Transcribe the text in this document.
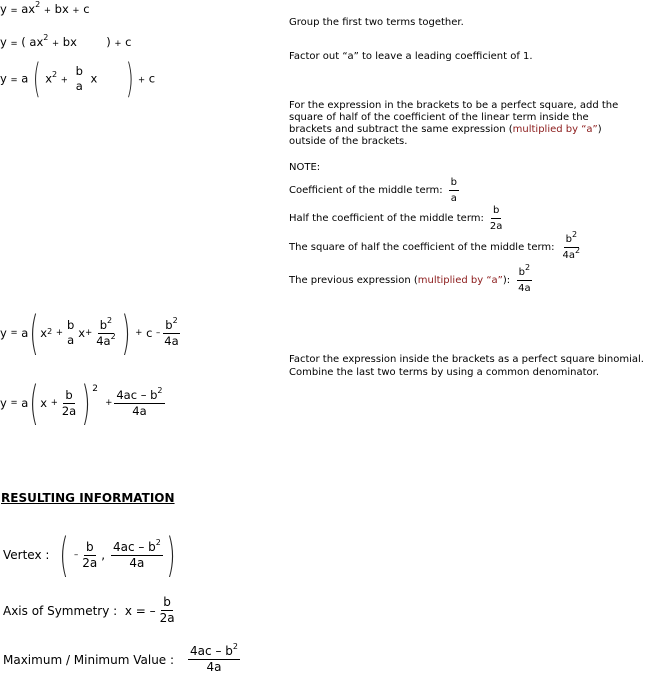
$y = ax^2$ + bx + c
y = ( $ax^2$ + bx	) + c
y = a ( $x^2$ +
b
a
x ) + c
Group the first two terms together.
Factor out “a” to leave a leading coefficient of 1.
For the expression in the brackets to be a perfect square, add the square of half of the coefficient of the linear term inside the brackets and subtract the same expression (multiplied by “a”) outside of the brackets.
NOTE:
Coefficient of the middle term: $\frac{b}{a}$
Half the coefficient of the middle term: $\frac{b}{2a}$
The square of half the coefficient of the middle term: $\frac{b^2}{4a^2}$
The previous expression ( multiplied by “a” ): $\frac{b^2}{4a}$
y
=
a ( $x^2$
+
b
a $x + \frac{b^2}{4a^2}$ )
+
c
– $\frac{b^2}{4a}$
Factor the expression inside the brackets as a perfect square binomial.
Combine the last two terms by using a common denominator.
y
=
a ( x
+ $\frac{b}{2a} )^2$

+ $\frac{4ac - b^2}{4a}$
RESULTING INFORMATION
Vertex :
(
– $\frac{b}{2a}$ ,
$\frac{4ac - b^2}{4a}$ )
Axis of Symmetry :
x = – $\frac{b}{2a}$
Maximum / Minimum Value : $\frac{4ac - b^2}{4a}$
